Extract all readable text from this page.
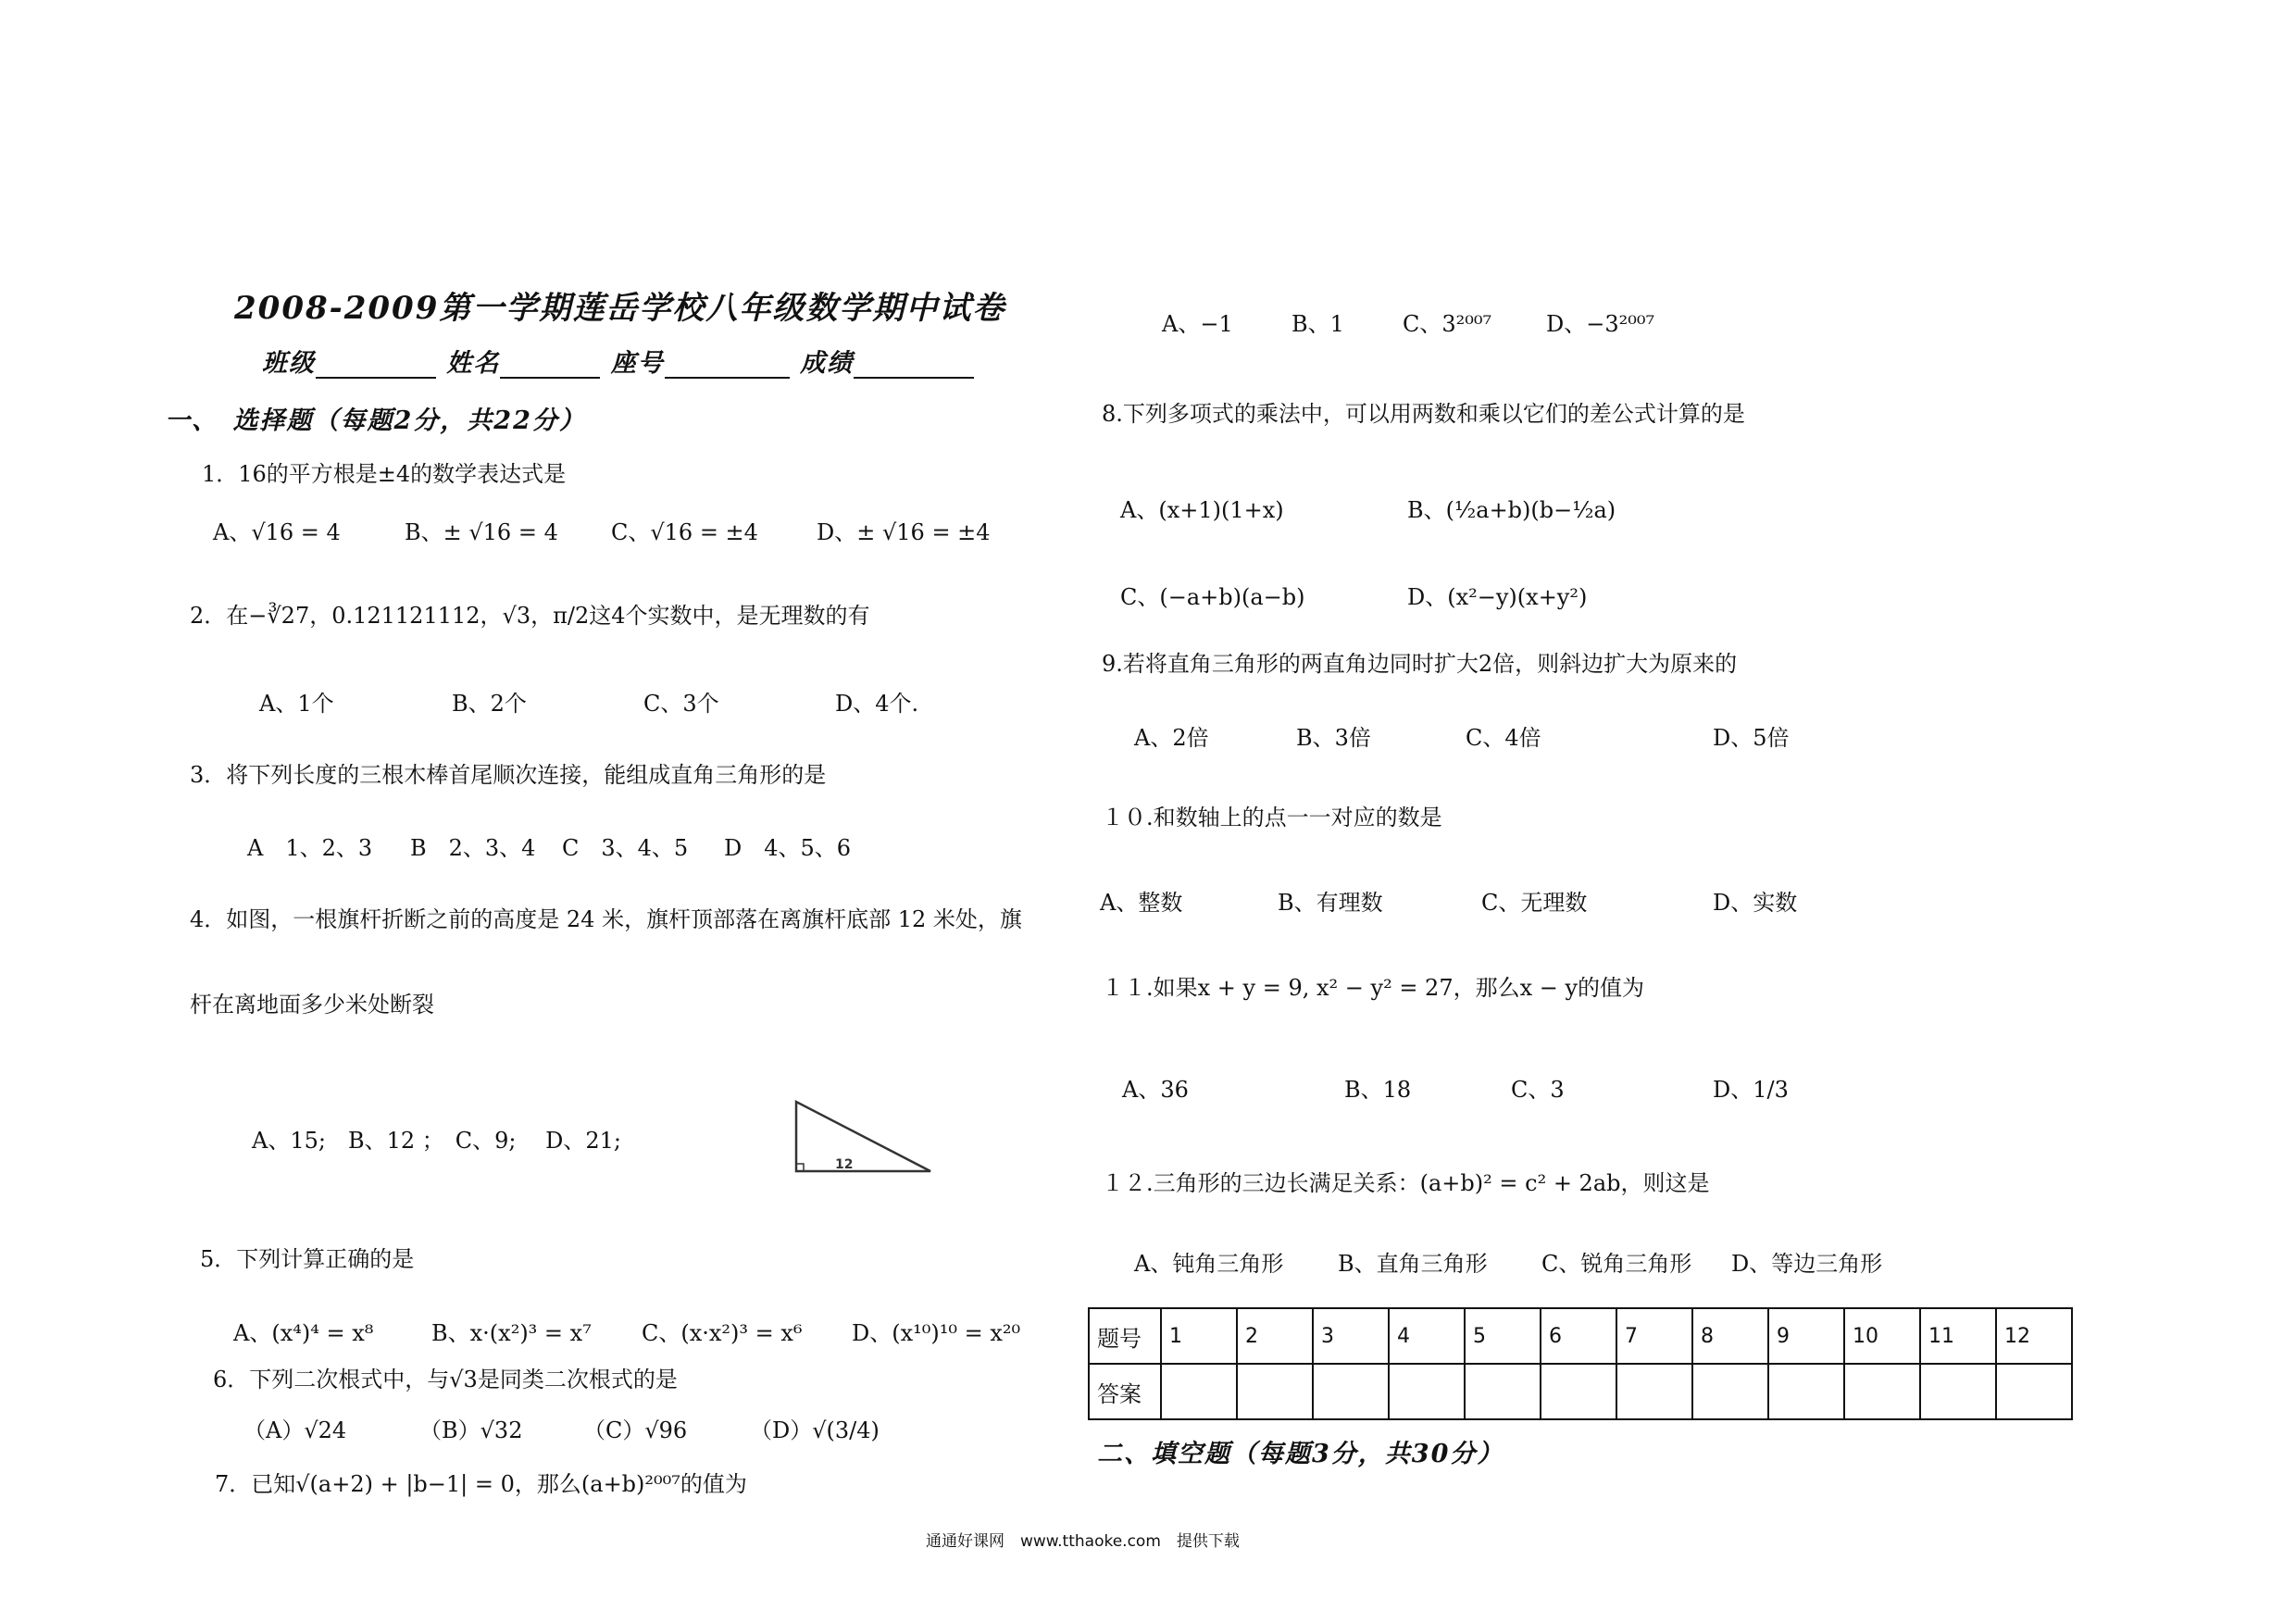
2008-2009第一学期莲岳学校八年级数学期中试卷
班级	姓名	座号	成绩
一、　选择题（每题2分，共22分）
1．16的平方根是±4的数学表达式是
A、√16 = 4	B、± √16 = 4 C、√16 = ±4	D、± √16 = ±4
2．在−∛27，0.121121112，√3，π/2这4个实数中，是无理数的有
A、1个	B、2个	C、3个	D、4个.
3．将下列长度的三根木棒首尾顺次连接，能组成直角三角形的是
A　1、2、3 B　2、3、4 C　3、4、5 D　4、5、6
4．如图，一根旗杆折断之前的高度是 24 米，旗杆顶部落在离旗杆底部 12 米处，旗
杆在离地面多少米处断裂
A、15;　B、12 ；　C、9;　 D、21;
12
5．下列计算正确的是
A、(x⁴)⁴ = x⁸	B、x·(x²)³ = x⁷ C、(x·x²)³ = x⁶ D、(x¹⁰)¹⁰ = x²⁰
6．下列二次根式中，与√3是同类二次根式的是
（A）√24	（B）√32	（C）√96	（D）√(3/4)
7．已知√(a+2) + |b−1| = 0，那么(a+b)²⁰⁰⁷的值为
A、−1	B、1	C、3²⁰⁰⁷ D、−3²⁰⁰⁷
8.下列多项式的乘法中，可以用两数和乘以它们的差公式计算的是
A、(x+1)(1+x)	B、(½a+b)(b−½a)
C、(−a+b)(a−b)	D、(x²−y)(x+y²)
9.若将直角三角形的两直角边同时扩大2倍，则斜边扩大为原来的
A、2倍	B、3倍	C、4倍	D、5倍
１０.和数轴上的点一一对应的数是
A、整数	B、有理数	C、无理数	D、实数
１１.如果x + y = 9, x² − y² = 27，那么x − y的值为
A、36	B、18	C、3	D、1/3
１２.三角形的三边长满足关系：(a+b)² = c² + 2ab，则这是
A、钝角三角形 B、直角三角形 C、锐角三角形 D、等边三角形
题号	1	2	3	4	5	6	7	8	9	10	11	12
答案												
二、填空题（每题3分，共30分）
通通好课网　www.tthaoke.com　提供下载
